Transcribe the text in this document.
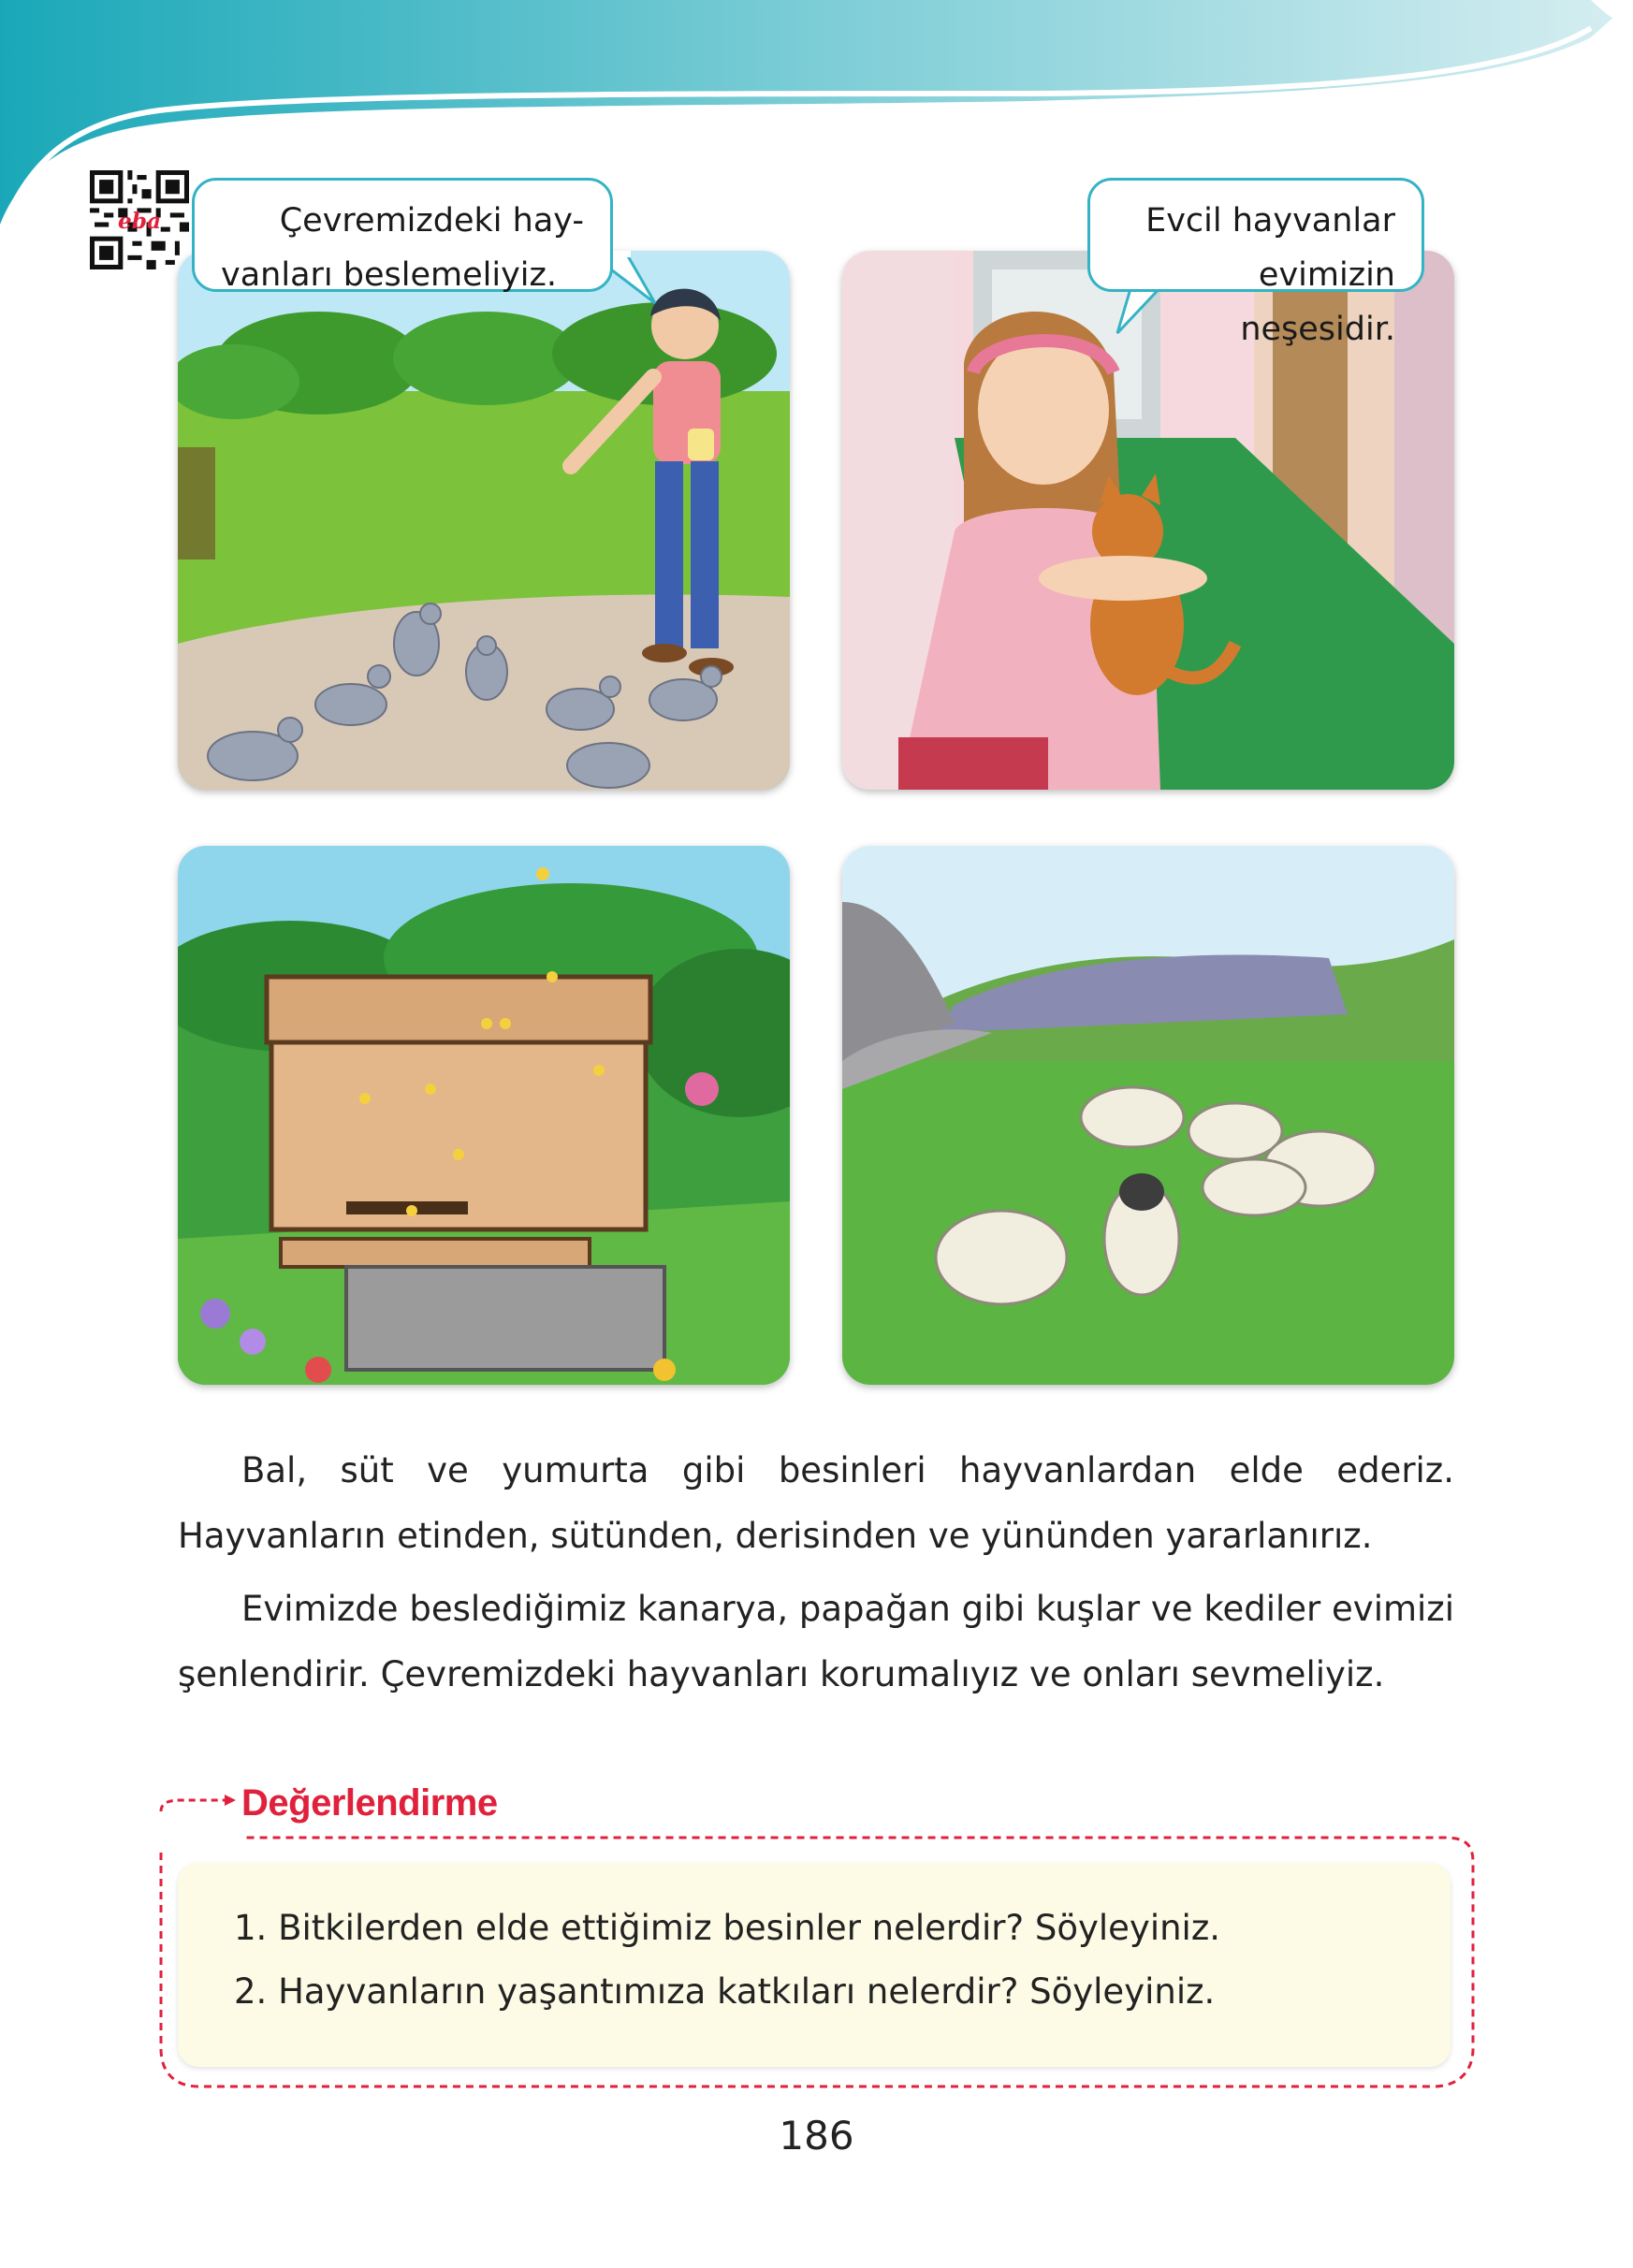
eba	Çevremizdeki hay-
vanları beslemeliyiz.
Evcil hayvanlar
evimizin neşesidir.

Bal, süt ve yumurta gibi besinleri hayvanlardan elde ederiz. Hayvanların etinden, sütünden, derisinden ve yününden yararlanırız.

Evimizde beslediğimiz kanarya, papağan gibi kuşlar ve kediler evimizi şenlendirir. Çevremizdeki hayvanları korumalıyız ve onları sevmeliyiz.

Değerlendirme
1. Bitkilerden elde ettiğimiz besinler nelerdir? Söyleyiniz.
2. Hayvanların yaşantımıza katkıları nelerdir? Söyleyiniz.
186
